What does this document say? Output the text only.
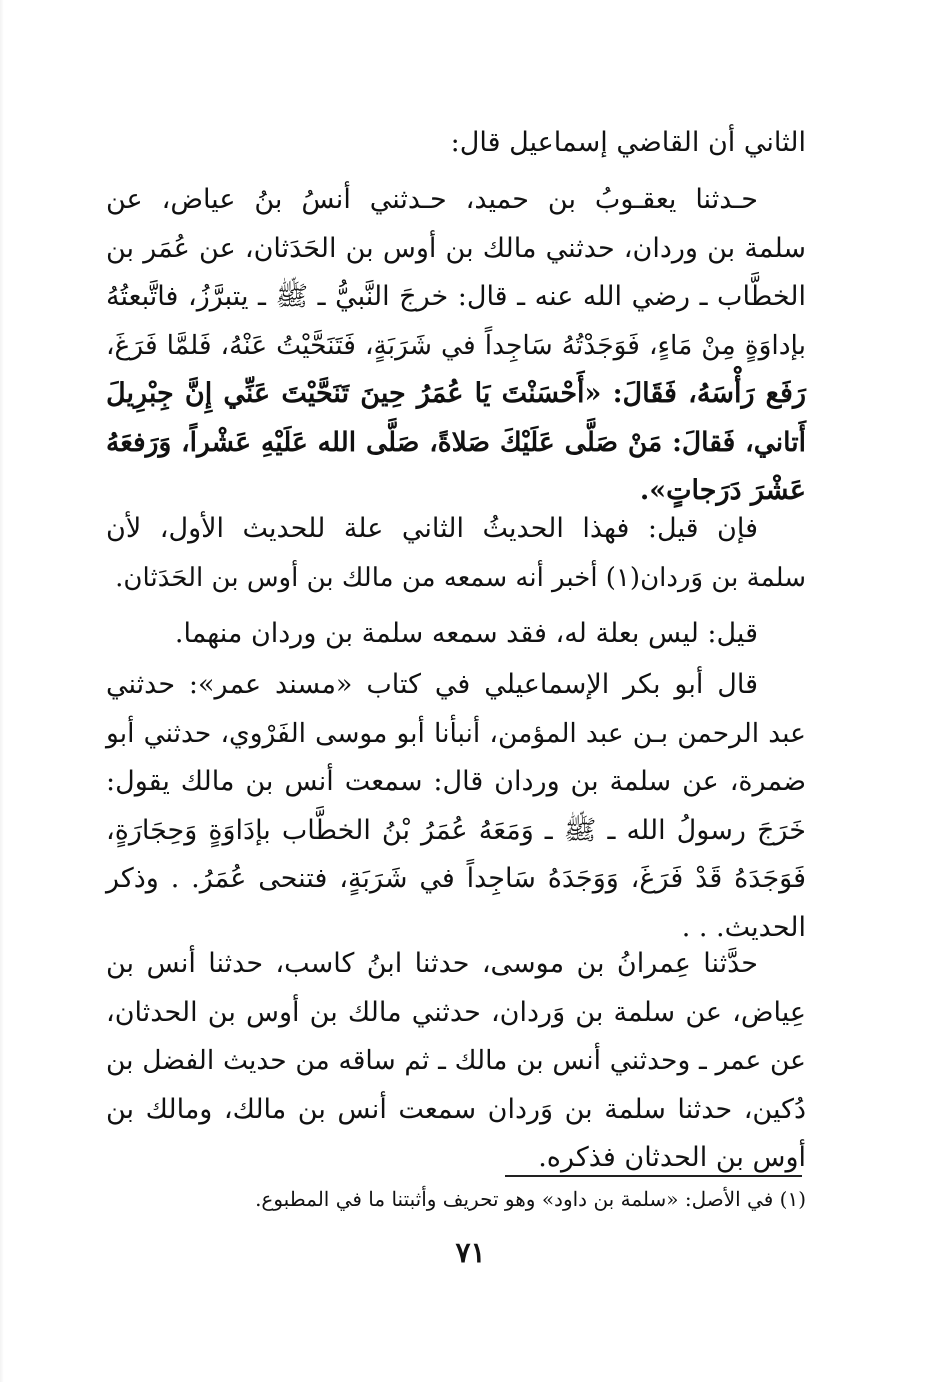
الثاني أن القاضي إسماعيل قال:
حـدثنا يعقـوبُ بن حميد، حـدثني أنسُ بنُ عياض، عن
سلمة بن وردان، حدثني مالك بن أوس بن الحَدَثان، عن عُمَر بن
الخطَّاب ـ رضي الله عنه ـ قال: خرجَ النَّبيُّ ـ ﷺ ـ يتبرَّزُ، فاتَّبعتُهُ
بإداوَةٍ مِنْ مَاءٍ، فَوَجَدْتُهُ سَاجِداً في شَرَبَةٍ، فَتَنَحَّيْتُ عَنْهُ، فَلمَّا فَرَغَ،
رَفَع رَأْسَهُ، فَقَالَ: «أَحْسَنْتَ يَا عُمَرُ حِينَ تَنَحَّيْتَ عَنِّي إِنَّ جِبْرِيلَ
أَتاني، فَقالَ: مَنْ صَلَّى عَلَيْكَ صَلاةً، صَلَّى الله عَلَيْهِ عَشْراً، وَرَفعَهُ
عَشْرَ دَرَجاتٍ».
فإن قيل: فهذا الحديثُ الثاني علة للحديث الأول، لأن
سلمة بن وَردان(١) أخبر أنه سمعه من مالك بن أوس بن الحَدَثان.
قيل: ليس بعلة له، فقد سمعه سلمة بن وردان منهما.
قال أبو بكر الإسماعيلي في كتاب «مسند عمر»: حدثني
عبد الرحمن بـن عبد المؤمن، أنبأنا أبو موسى الفَرْوي، حدثني أبو
ضمرة، عن سلمة بن وردان قال: سمعت أنس بن مالك يقول:
خَرَجَ رسولُ الله ـ ﷺ ـ وَمَعَهُ عُمَرُ بْنُ الخطَّاب بإدَاوَةٍ وَحِجَارَةٍ،
فَوَجَدَهُ قَدْ فَرَغَ، وَوَجَدَهُ سَاجِداً في شَرَبَةٍ، فتنحى عُمَرُ. . وذكر
الحديث. . .
حدَّثنا عِمرانُ بن موسى، حدثنا ابنُ كاسب، حدثنا أنس بن
عِياض، عن سلمة بن وَردان، حدثني مالك بن أوس بن الحدثان،
عن عمر ـ وحدثني أنس بن مالك ـ ثم ساقه من حديث الفضل بن
دُكين، حدثنا سلمة بن وَردان سمعت أنس بن مالك، ومالك بن
أوس بن الحدثان فذكره.
(١) في الأصل: «سلمة بن داود» وهو تحريف وأثبتنا ما في المطبوع.
٧١
